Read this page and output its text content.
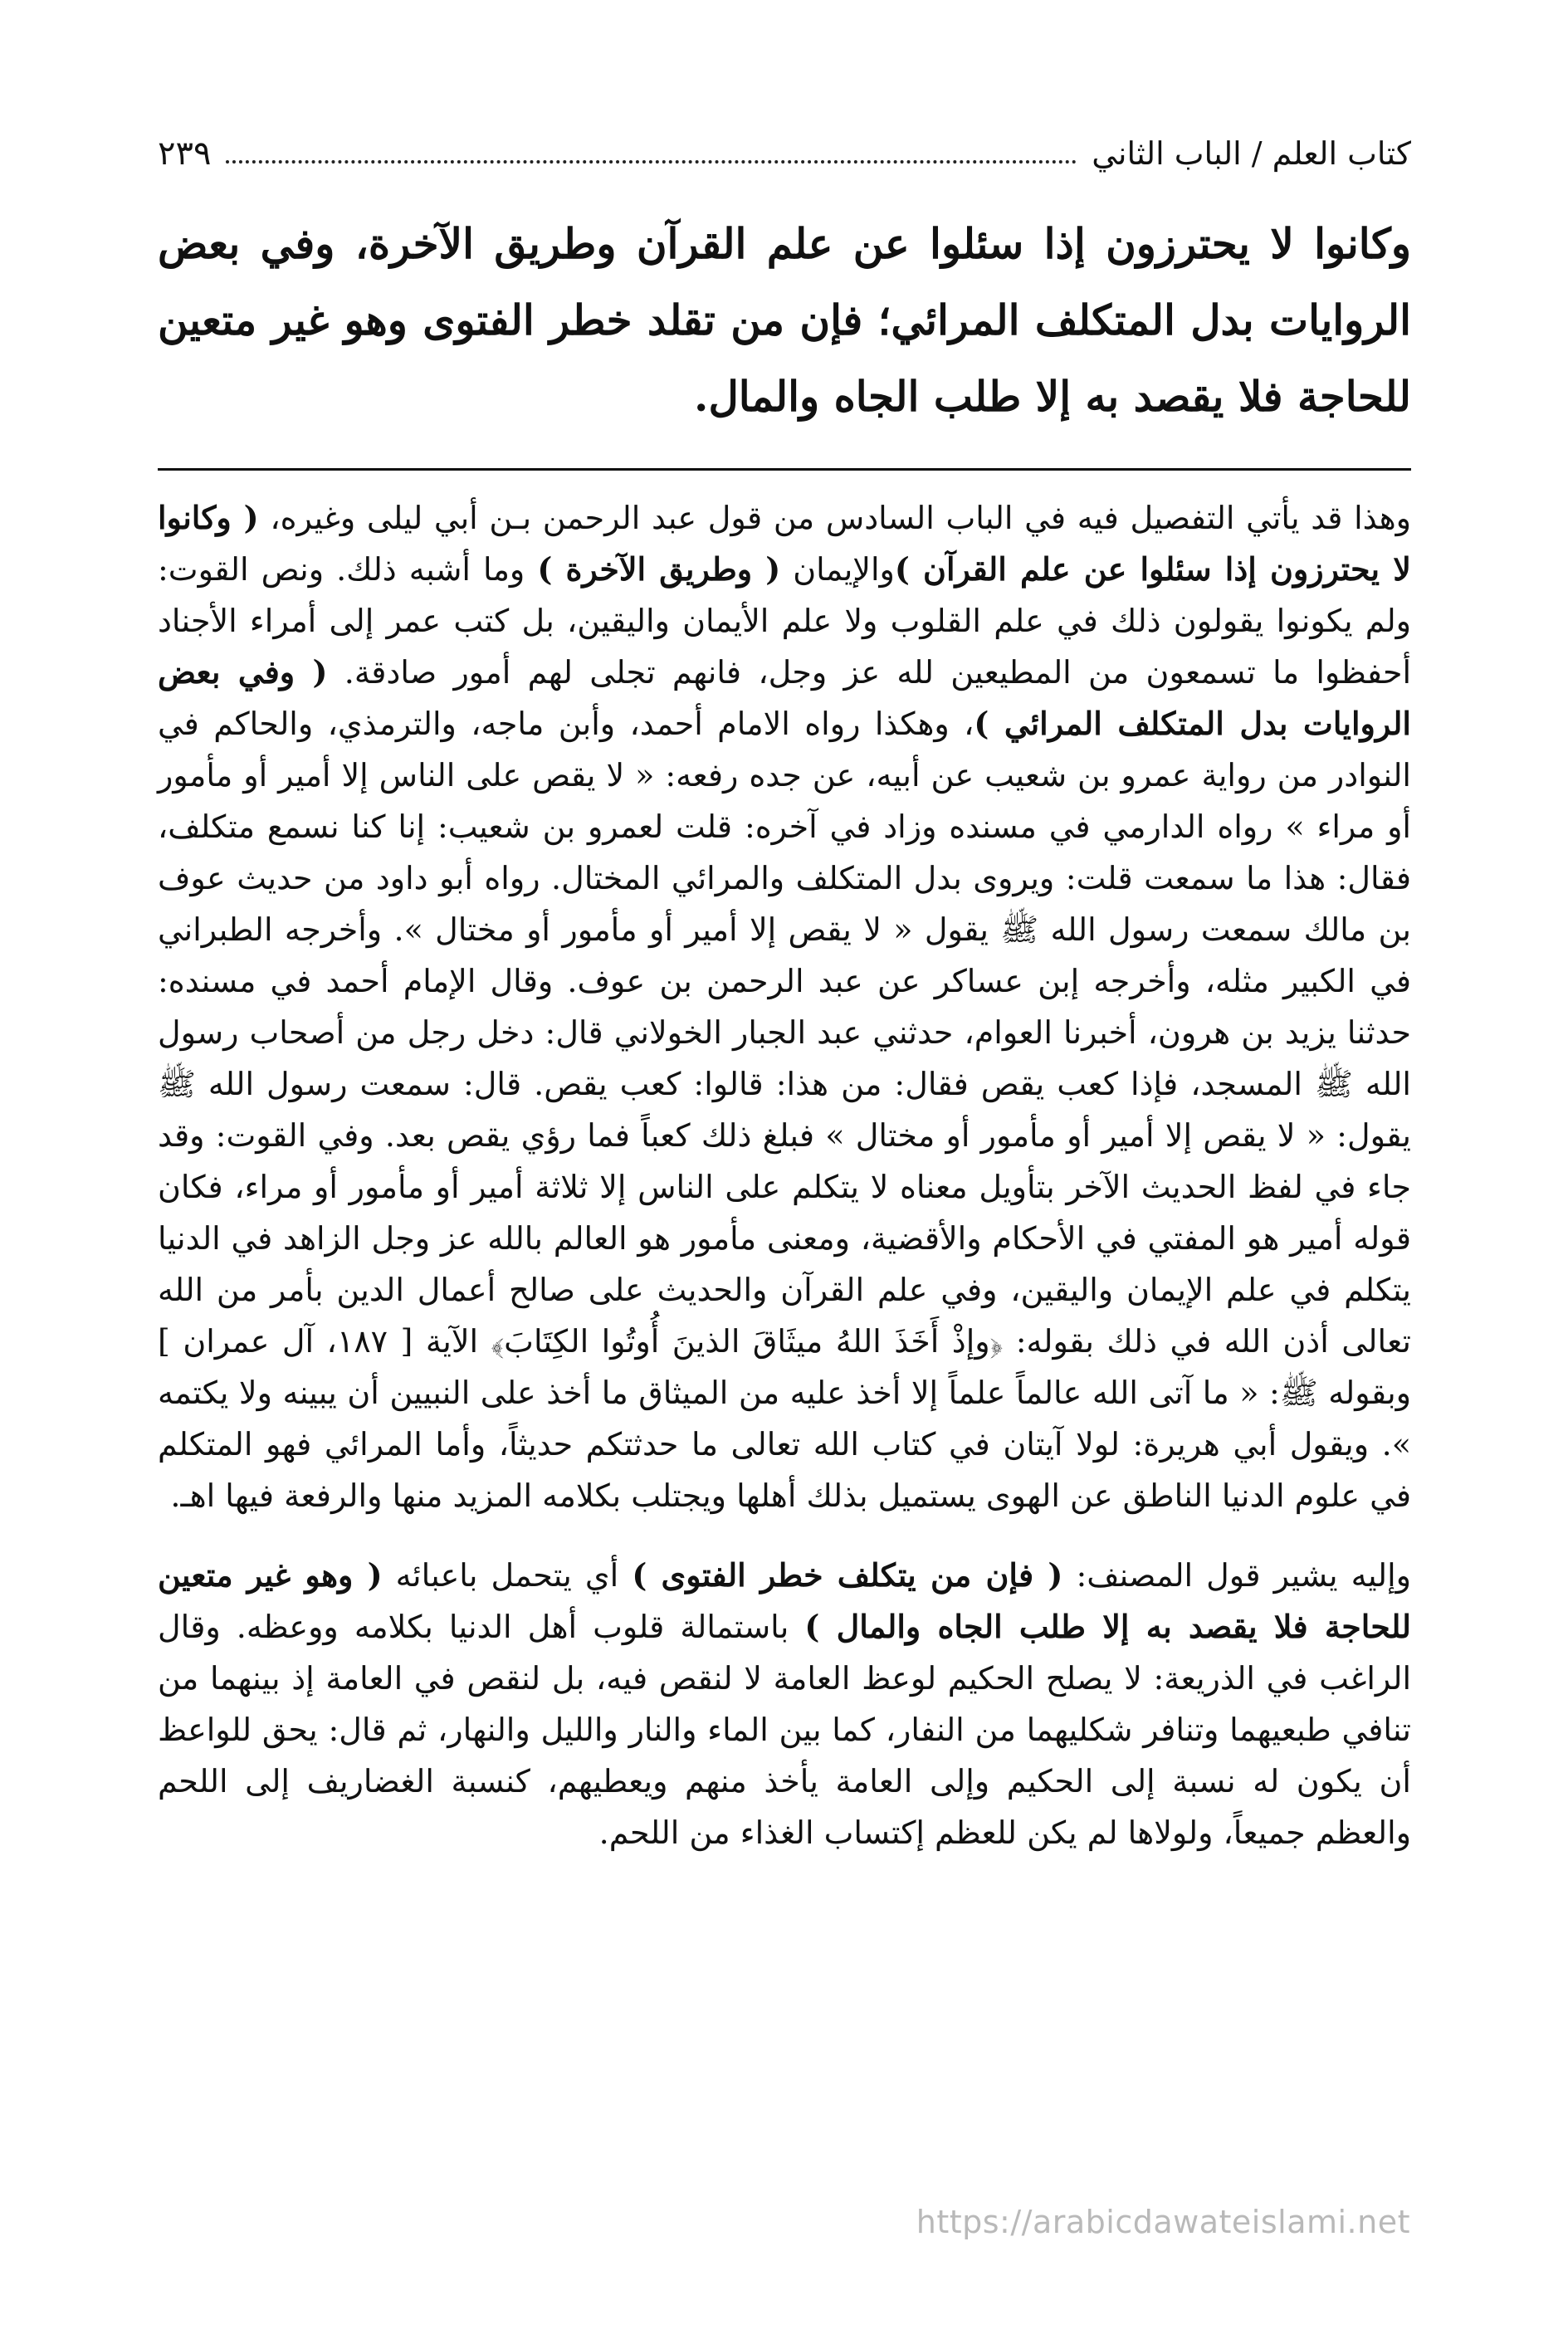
كتاب العلم / الباب الثاني
٢٣٩
وكانوا لا يحترزون إذا سئلوا عن علم القرآن وطريق الآخرة، وفي بعض الروايات بدل المتكلف المرائي؛ فإن من تقلد خطر الفتوى وهو غير متعين للحاجة فلا يقصد به إلا طلب الجاه والمال.

وهذا قد يأتي التفصيل فيه في الباب السادس من قول عبد الرحمن بـن أبي ليلى وغيره، ( وكانوا لا يحترزون إذا سئلوا عن علم القرآن )والإيمان ( وطريق الآخرة ) وما أشبه ذلك. ونص القوت: ولم يكونوا يقولون ذلك في علم القلوب ولا علم الأيمان واليقين، بل كتب عمر إلى أمراء الأجناد أحفظوا ما تسمعون من المطيعين لله عز وجل، فانهم تجلى لهم أمور صادقة. ( وفي بعض الروايات بدل المتكلف المرائي )، وهكذا رواه الامام أحمد، وأبن ماجه، والترمذي، والحاكم في النوادر من رواية عمرو بن شعيب عن أبيه، عن جده رفعه: « لا يقص على الناس إلا أمير أو مأمور أو مراء » رواه الدارمي في مسنده وزاد في آخره: قلت لعمرو بن شعيب: إنا كنا نسمع متكلف، فقال: هذا ما سمعت قلت: ويروى بدل المتكلف والمرائي المختال. رواه أبو داود من حديث عوف بن مالك سمعت رسول الله ﷺ يقول « لا يقص إلا أمير أو مأمور أو مختال ». وأخرجه الطبراني في الكبير مثله، وأخرجه إبن عساكر عن عبد الرحمن بن عوف. وقال الإمام أحمد في مسنده: حدثنا يزيد بن هرون، أخبرنا العوام، حدثني عبد الجبار الخولاني قال: دخل رجل من أصحاب رسول الله ﷺ المسجد، فإذا كعب يقص فقال: من هذا: قالوا: كعب يقص. قال: سمعت رسول الله ﷺ يقول: « لا يقص إلا أمير أو مأمور أو مختال » فبلغ ذلك كعباً فما رؤي يقص بعد. وفي القوت: وقد جاء في لفظ الحديث الآخر بتأويل معناه لا يتكلم على الناس إلا ثلاثة أمير أو مأمور أو مراء، فكان قوله أمير هو المفتي في الأحكام والأقضية، ومعنى مأمور هو العالم بالله عز وجل الزاهد في الدنيا يتكلم في علم الإيمان واليقين، وفي علم القرآن والحديث على صالح أعمال الدين بأمر من الله تعالى أذن الله في ذلك بقوله: ﴿وإذْ أَخَذَ اللهُ ميثَاقَ الذينَ أُوتُوا الكِتَابَ﴾ الآية [ ١٨٧، آل عمران ] وبقوله ﷺ: « ما آتى الله عالماً علماً إلا أخذ عليه من الميثاق ما أخذ على النبيين أن يبينه ولا يكتمه ». ويقول أبي هريرة: لولا آيتان في كتاب الله تعالى ما حدثتكم حديثاً، وأما المرائي فهو المتكلم في علوم الدنيا الناطق عن الهوى يستميل بذلك أهلها ويجتلب بكلامه المزيد منها والرفعة فيها اهـ.

وإليه يشير قول المصنف: ( فإن من يتكلف خطر الفتوى ) أي يتحمل باعبائه ( وهو غير متعين للحاجة فلا يقصد به إلا طلب الجاه والمال ) باستمالة قلوب أهل الدنيا بكلامه ووعظه. وقال الراغب في الذريعة: لا يصلح الحكيم لوعظ العامة لا لنقص فيه، بل لنقص في العامة إذ بينهما من تنافي طبعيهما وتنافر شكليهما من النفار، كما بين الماء والنار والليل والنهار، ثم قال: يحق للواعظ أن يكون له نسبة إلى الحكيم وإلى العامة يأخذ منهم ويعطيهم، كنسبة الغضاريف إلى اللحم والعظم جميعاً، ولولاها لم يكن للعظم إكتساب الغذاء من اللحم.

https://arabicdawateislami.net
